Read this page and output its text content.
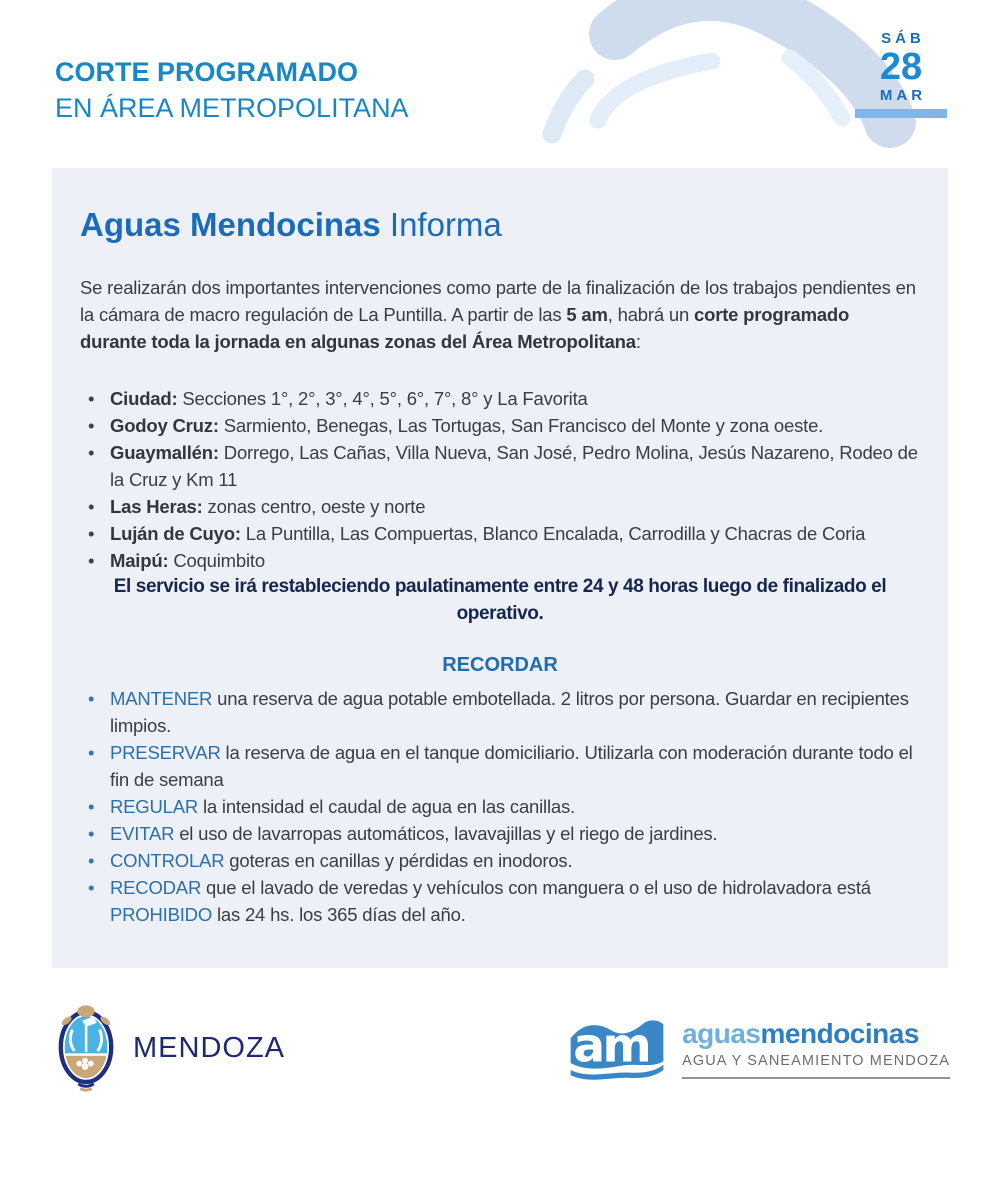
CORTE PROGRAMADO
EN ÁREA METROPOLITANA
SÁB
28
MAR
Aguas Mendocinas Informa

Se realizarán dos importantes intervenciones como parte de la finalización de los trabajos pendientes en la cámara de macro regulación de La Puntilla. A partir de las 5 am, habrá un corte programado durante toda la jornada en algunas zonas del Área Metropolitana:

• Ciudad: Secciones 1°, 2°, 3°, 4°, 5°, 6°, 7°, 8° y La Favorita
• Godoy Cruz: Sarmiento, Benegas, Las Tortugas, San Francisco del Monte y zona oeste.
• Guaymallén: Dorrego, Las Cañas, Villa Nueva, San José, Pedro Molina, Jesús Nazareno, Rodeo de la Cruz y Km 11
• Las Heras: zonas centro, oeste y norte
• Luján de Cuyo: La Puntilla, Las Compuertas, Blanco Encalada, Carrodilla y Chacras de Coria
• Maipú: Coquimbito

El servicio se irá restableciendo paulatinamente entre 24 y 48 horas luego de finalizado el operativo.

RECORDAR
• MANTENER una reserva de agua potable embotellada. 2 litros por persona. Guardar en recipientes limpios.
• PRESERVAR la reserva de agua en el tanque domiciliario. Utilizarla con moderación durante todo el fin de semana
• REGULAR la intensidad el caudal de agua en las canillas.
• EVITAR el uso de lavarropas automáticos, lavavajillas y el riego de jardines.
• CONTROLAR goteras en canillas y pérdidas en inodoros.
• RECODAR que el lavado de veredas y vehículos con manguera o el uso de hidrolavadora está PROHIBIDO las 24 hs. los 365 días del año.
MENDOZA	am aguasmendocinas
AGUA Y SANEAMIENTO MENDOZA
